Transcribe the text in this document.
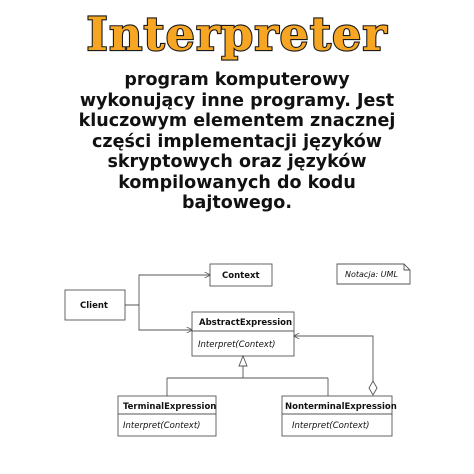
Interpreter
program komputerowy
wykonujący inne programy. Jest
kluczowym elementem znacznej
części implementacji języków
skryptowych oraz języków
kompilowanych do kodu
bajtowego.
Notacja: UML
Client
Context
AbstractExpression
Interpret(Context)
TerminalExpression
Interpret(Context)
NonterminalExpression
Interpret(Context)
